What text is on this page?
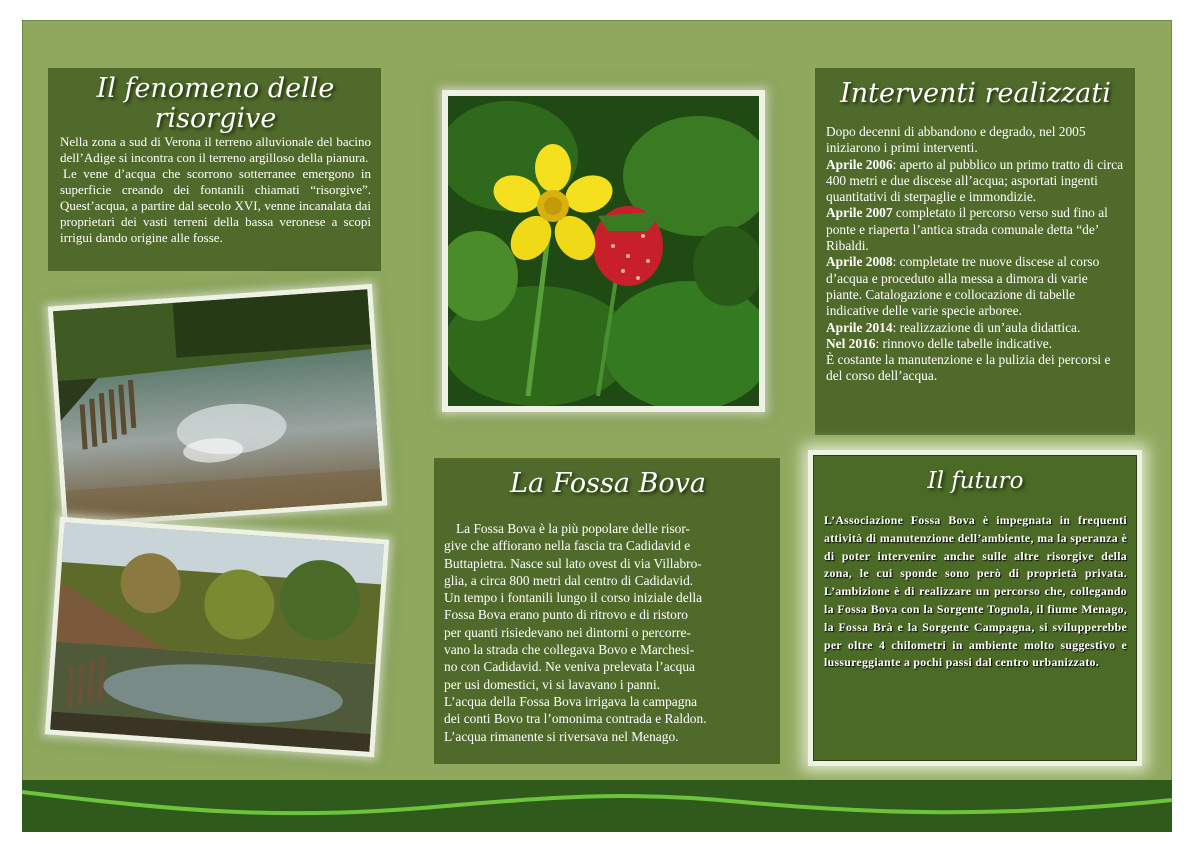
Il fenomeno delle risorgive

Nella zona a sud di Verona il terreno alluvionale del bacino dell’Adige si incontra con il terreno argilloso della pianura.

Le vene d’acqua che scorrono sotterranee emergono in superficie creando dei fontanili chiamati “risorgive”. Quest’acqua, a partire dal secolo XVI, venne incanalata dai proprietari dei vasti terreni della bassa veronese a scopi irrigui dando origine alle fosse.

Interventi realizzati

Dopo decenni di abbandono e degrado, nel 2005 iniziarono i primi interventi.

Aprile 2006: aperto al pubblico un primo tratto di circa 400 metri e due discese all’acqua; asportati ingenti quantitativi di sterpaglie e immondizie.

Aprile 2007 completato il percorso verso sud fino al ponte e riaperta l’antica strada comunale detta “de’ Ribaldi.

Aprile 2008: completate tre nuove discese al corso d’acqua e proceduto alla messa a dimora di varie piante. Catalogazione e collocazione di tabelle indicative delle varie specie arboree.

Aprile 2014: realizzazione di un’aula didattica.

Nel 2016: rinnovo delle tabelle indicative.

È costante la manutenzione e la pulizia dei percorsi e del corso dell’acqua.

La Fossa Bova
La Fossa Bova è la più popolare delle risor-
give che affiorano nella fascia tra Cadidavid e
Buttapietra. Nasce sul lato ovest di via Villabro-
glia, a circa 800 metri dal centro di Cadidavid.
Un tempo i fontanili lungo il corso iniziale della
Fossa Bova erano punto di ritrovo e di ristoro
per quanti risiedevano nei dintorni o percorre-
vano la strada che collegava Bovo e Marchesi-
no con Cadidavid. Ne veniva prelevata l’acqua
per usi domestici, vi si lavavano i panni.
L’acqua della Fossa Bova irrigava la campagna
dei conti Bovo tra l’omonima contrada e Raldon.
L’acqua rimanente si riversava nel Menago.
Il futuro

L’Associazione Fossa Bova è impegnata in frequenti attività di manutenzione dell’ambiente, ma la speranza è di poter intervenire anche sulle altre risorgive della zona, le cui sponde sono però di proprietà privata. L’ambizione è di realizzare un percorso che, collegando la Fossa Bova con la Sorgente Tognola, il fiume Menago, la Fossa Brà e la Sorgente Campagna, si svilupperebbe per oltre 4 chilometri in ambiente molto suggestivo e lussureggiante a pochi passi dal centro urbanizzato.
